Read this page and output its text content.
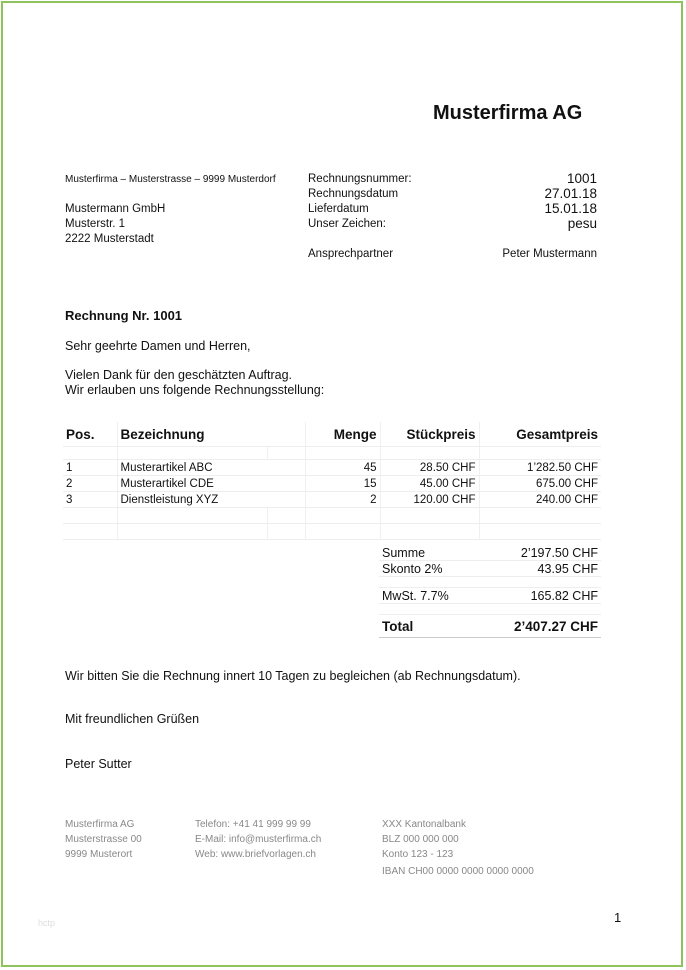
Musterfirma AG
Musterfirma – Musterstrasse – 9999 Musterdorf
Mustermann GmbH
Musterstr. 1
2222 Musterstadt
Rechnungsnummer:	1001
Rechnungsdatum	27.01.18
Lieferdatum	15.01.18
Unser Zeichen:	pesu
Ansprechpartner	Peter Mustermann
Rechnung Nr. 1001
Sehr geehrte Damen und Herren,
Vielen Dank für den geschätzten Auftrag.
Wir erlauben uns folgende Rechnungsstellung:
Pos.	Bezeichnung		Menge	Stückpreis	Gesamtpreis

1	Musterartikel ABC		45	28.50 CHF	1’282.50 CHF
2	Musterartikel CDE		15	45.00 CHF	675.00 CHF
3	Dienstleistung XYZ		2	120.00 CHF	240.00 CHF

Summe	2’197.50 CHF
Skonto 2%	43.95 CHF

MwSt. 7.7%	165.82 CHF

Total	2’407.27 CHF
Wir bitten Sie die Rechnung innert 10 Tagen zu begleichen (ab Rechnungsdatum).
Mit freundlichen Grüßen
Peter Sutter
Musterfirma AG
Musterstrasse 00
9999 Musterort
Telefon: +41 41 999 99 99
E-Mail: info@musterfirma.ch
Web: www.briefvorlagen.ch
XXX Kantonalbank
BLZ 000 000 000
Konto 123 - 123
IBAN CH00 0000 0000 0000 0000
1
hctp
